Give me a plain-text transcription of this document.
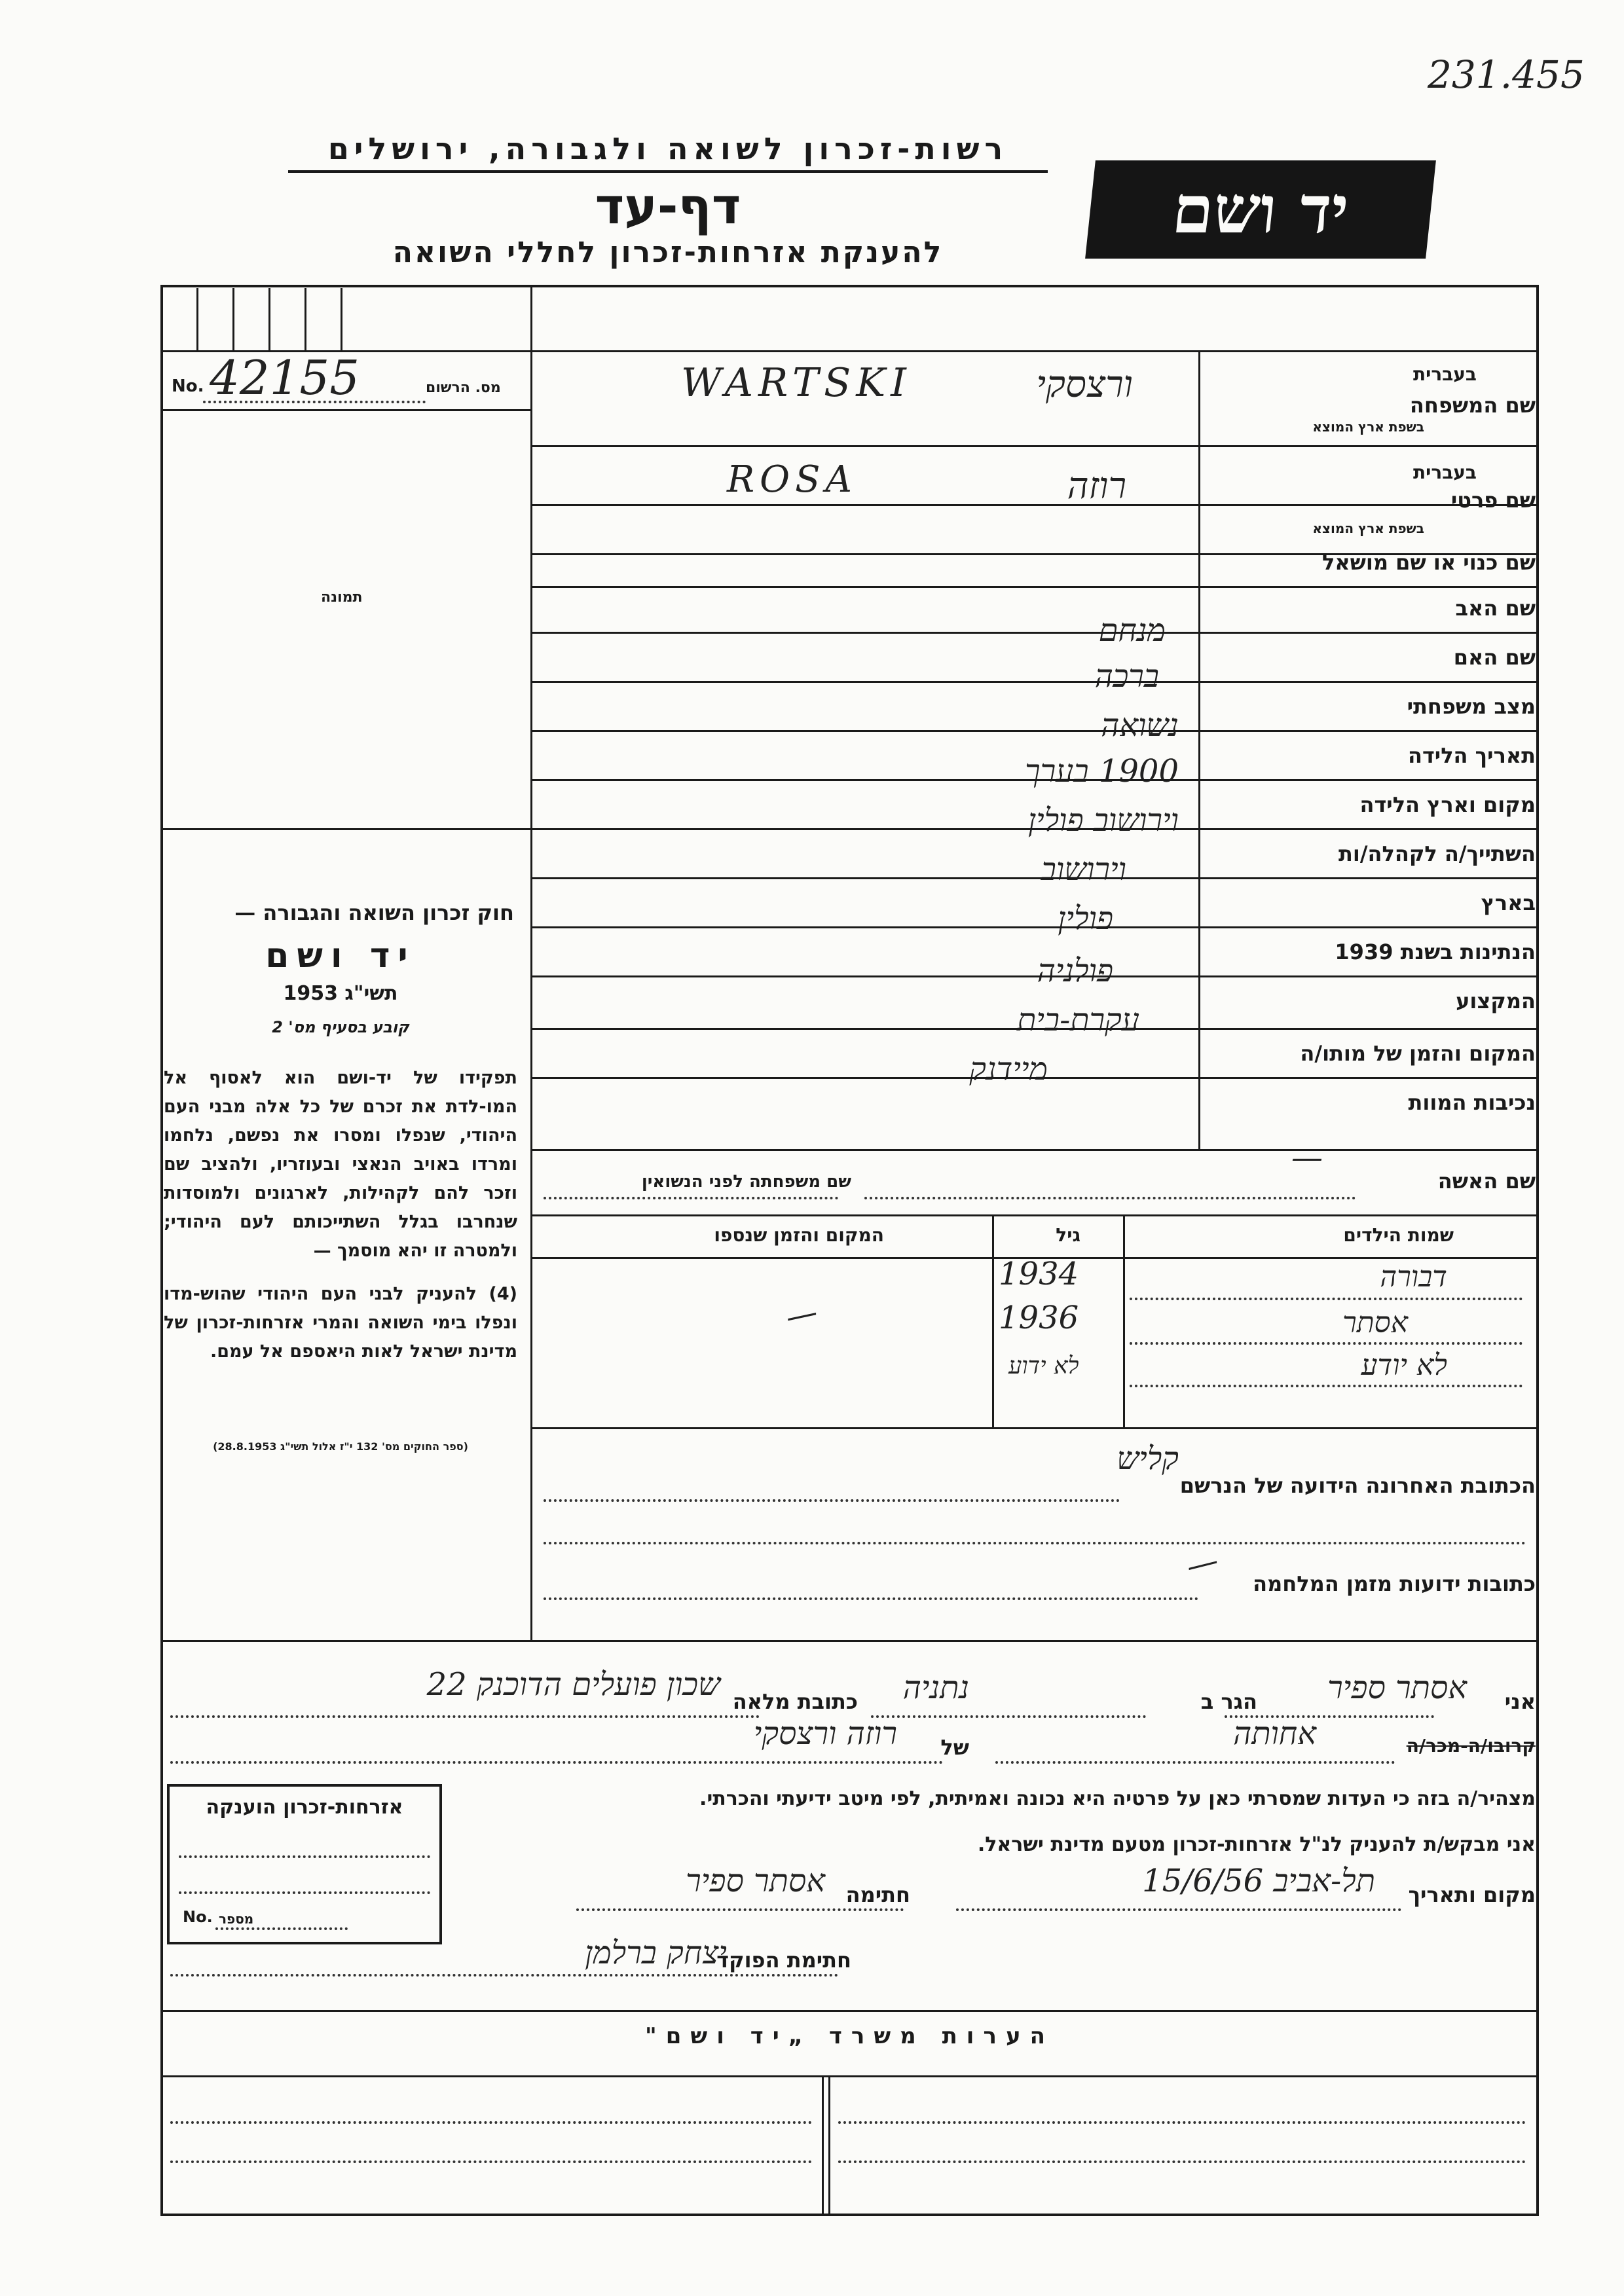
231.455
יד ושם
רשות-זכרון לשואה ולגבורה, ירושלים
דף-עד
להענקת אזרחות-זכרון לחללי השואה
No. 42155	מס. הרשום
תמונה
חוק זכרון השואה והגבורה —
יד ושם
תשי"ג 1953
קובע בסעיף מס' 2
תפקידו של יד-ושם הוא לאסוף אל המו-לדת את זכרם של כל אלה מבני העם היהודי, שנפלו ומסרו את נפשם, נלחמו ומרדו באויב הנאצי ובעוזריו, ולהציב שם וזכר להם לקהילות, לארגונים ולמוסדות שנחרבו בגלל השתייכותם לעם היהודי; ולמטרה זו יהא מוסמך —
(4) להעניק לבני העם היהודי שהוש-מדו ונפלו בימי השואה והמרי אזרחות-זכרון של מדינת ישראל לאות היאספם אל עמם.
(ספר החוקים מס' 132 י"ז אלול תשי"ג 28.8.1953)
בעברית
שם המשפחה
בשפת ארץ המוצא
ורצסקי
WARTSKI
בעברית
שם פרטי
בשפת ארץ המוצא
רוזה
ROSA
שם כנוי או שם מושאל
שם האב
מנחם
שם האם
ברכה
מצב משפחתי
נשואה
תאריך הלידה
1900 בערך
מקום וארץ הלידה
וירושוב פולין
השתייך/ה לקהלה/ות
וירושוב
בארץ
פולין
הנתינות בשנת 1939
פולניה
המקצוע
עקרת-בית
המקום והזמן של מותו/ה
מיידנק
נכיבות המוות
שם האשה
שם משפחתה לפני הנשואין
—
שמות הילדים
גיל
המקום והזמן שנספו
דבורה
1934
אסתר
1936
—
לא יודע
לא ידוע
קליש
הכתובת האחרונה הידועה של הנרשם
— כתובות ידועות מזמן המלחמה
אני
אסתר ספיר
הגר ב
נתניה
כתובת מלאה
שכון פועלים הדוכנק 22
קרובו/ה-מכר/ה
אחותה
של
רוזה ורצסקי
מצהיר/ה בזה כי העדות שמסרתי כאן על פרטיה היא נכונה ואמיתית, לפי מיטב ידיעתי והכרתי.
אני מבקש/ת להעניק לנ"ל אזרחות-זכרון מטעם מדינת ישראל.
מקום ותאריך
תל-אביב 15/6/56
חתימה
אסתר ספיר
חתימת הפוקד
יצחק ברלמן
אזרחות-זכרון הוענקה
No. מספר
הערות משרד „יד ושם"
